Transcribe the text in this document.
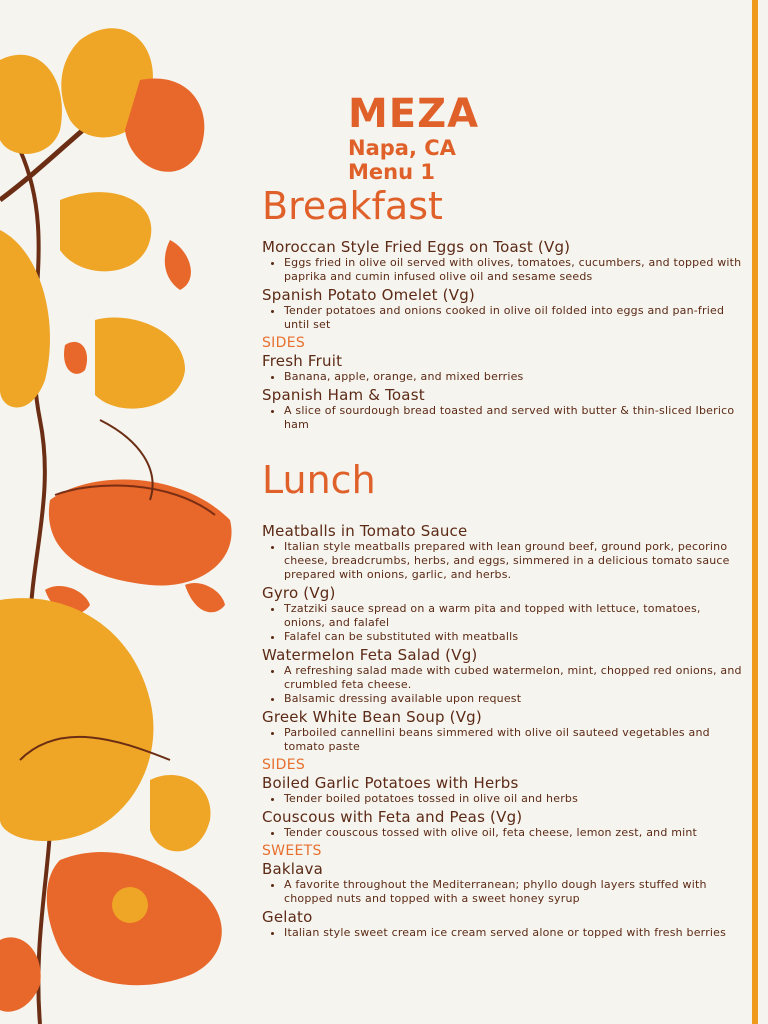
MEZA
Napa, CA
Menu 1
Breakfast
Moroccan Style Fried Eggs on Toast (Vg)
• Eggs fried in olive oil served with olives, tomatoes, cucumbers, and topped with paprika and cumin infused olive oil and sesame seeds
Spanish Potato Omelet (Vg)
• Tender potatoes and onions cooked in olive oil folded into eggs and pan-fried until set
SIDES
Fresh Fruit
• Banana, apple, orange, and mixed berries
Spanish Ham & Toast
• A slice of sourdough bread toasted and served with butter & thin-sliced Iberico ham
Lunch
Meatballs in Tomato Sauce
• Italian style meatballs prepared with lean ground beef, ground pork, pecorino cheese, breadcrumbs, herbs, and eggs, simmered in a delicious tomato sauce prepared with onions, garlic, and herbs.
Gyro (Vg)
• Tzatziki sauce spread on a warm pita and topped with lettuce, tomatoes, onions, and falafel
• Falafel can be substituted with meatballs
Watermelon Feta Salad (Vg)
• A refreshing salad made with cubed watermelon, mint, chopped red onions, and crumbled feta cheese.
• Balsamic dressing available upon request
Greek White Bean Soup (Vg)
• Parboiled cannellini beans simmered with olive oil sauteed vegetables and tomato paste
SIDES
Boiled Garlic Potatoes with Herbs
• Tender boiled potatoes tossed in olive oil and herbs
Couscous with Feta and Peas (Vg)
• Tender couscous tossed with olive oil, feta cheese, lemon zest, and mint
SWEETS
Baklava
• A favorite throughout the Mediterranean; phyllo dough layers stuffed with chopped nuts and topped with a sweet honey syrup
Gelato
• Italian style sweet cream ice cream served alone or topped with fresh berries
